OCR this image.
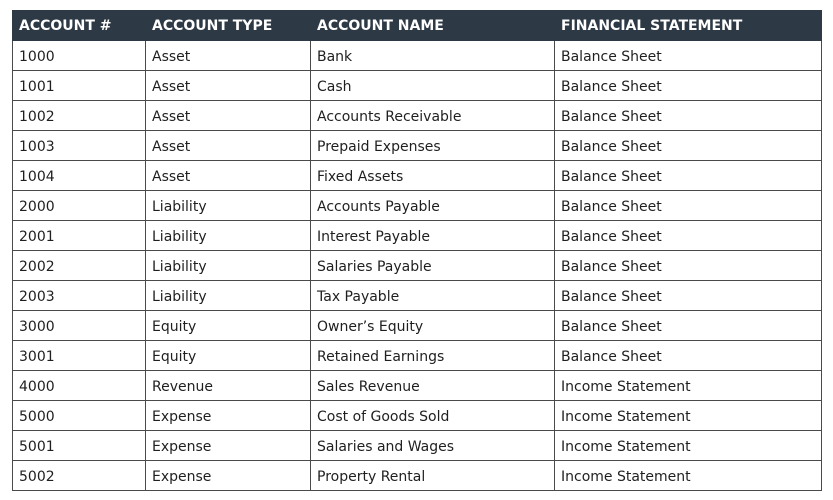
ACCOUNT #	ACCOUNT TYPE	ACCOUNT NAME	FINANCIAL STATEMENT
1000	Asset	Bank	Balance Sheet
1001	Asset	Cash	Balance Sheet
1002	Asset	Accounts Receivable	Balance Sheet
1003	Asset	Prepaid Expenses	Balance Sheet
1004	Asset	Fixed Assets	Balance Sheet
2000	Liability	Accounts Payable	Balance Sheet
2001	Liability	Interest Payable	Balance Sheet
2002	Liability	Salaries Payable	Balance Sheet
2003	Liability	Tax Payable	Balance Sheet
3000	Equity	Owner’s Equity	Balance Sheet
3001	Equity	Retained Earnings	Balance Sheet
4000	Revenue	Sales Revenue	Income Statement
5000	Expense	Cost of Goods Sold	Income Statement
5001	Expense	Salaries and Wages	Income Statement
5002	Expense	Property Rental	Income Statement
